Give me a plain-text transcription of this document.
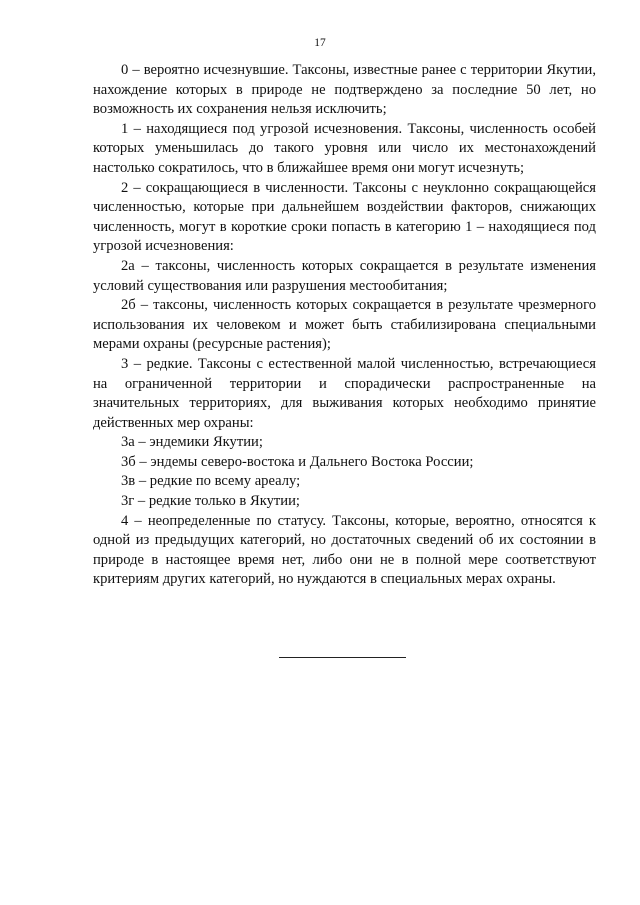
17

0 – вероятно исчезнувшие. Таксоны, известные ранее с территории Якутии, нахождение которых в природе не подтверждено за последние 50 лет, но возможность их сохранения нельзя исключить;

1 – находящиеся под угрозой исчезновения. Таксоны, численность особей которых уменьшилась до такого уровня или число их местонахождений настолько сократилось, что в ближайшее время они могут исчезнуть;

2 – сокращающиеся в численности. Таксоны с неуклонно сокращающейся численностью, которые при дальнейшем воздействии факторов, снижающих численность, могут в короткие сроки попасть в категорию 1 – находящиеся под угрозой исчезновения:

2а – таксоны, численность которых сокращается в результате изменения условий существования или разрушения местообитания;

2б – таксоны, численность которых сокращается в результате чрезмерного использования их человеком и может быть стабилизирована специальными мерами охраны (ресурсные растения);

3 – редкие. Таксоны с естественной малой численностью, встречающиеся на ограниченной территории и спорадически распространенные на значительных территориях, для выживания которых необходимо принятие действенных мер охраны:

3а – эндемики Якутии;

3б – эндемы северо-востока и Дальнего Востока России;

3в – редкие по всему ареалу;

3г – редкие только в Якутии;

4 – неопределенные по статусу. Таксоны, которые, вероятно, относятся к одной из предыдущих категорий, но достаточных сведений об их состоянии в природе в настоящее время нет, либо они не в полной мере соответствуют критериям других категорий, но нуждаются в специальных мерах охраны.
